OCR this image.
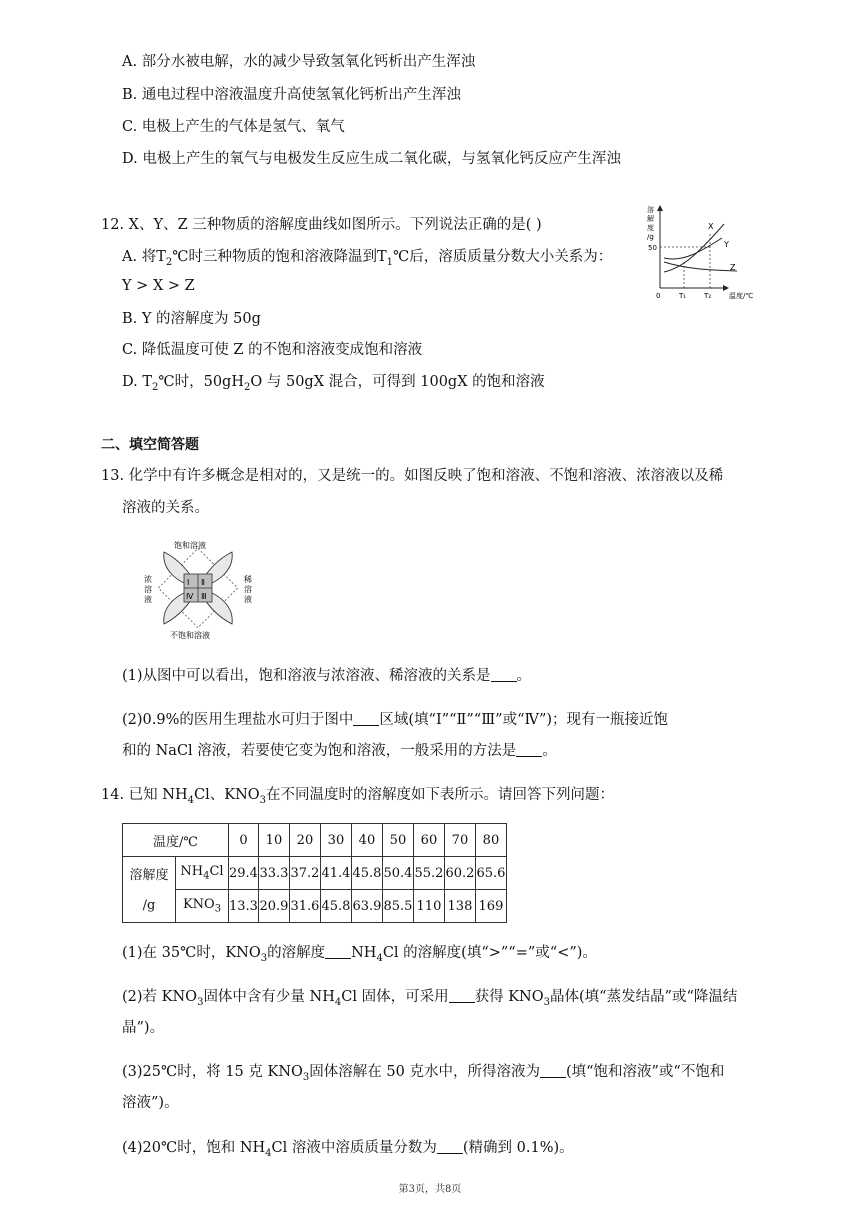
A. 部分水被电解，水的减少导致氢氧化钙析出产生浑浊
B. 通电过程中溶液温度升高使氢氧化钙析出产生浑浊
C. 电极上产生的气体是氢气、氧气
D. 电极上产生的氧气与电极发生反应生成二氧化碳，与氢氧化钙反应产生浑浊
12. X、Y、Z 三种物质的溶解度曲线如图所示。下列说法正确的是( )
A. 将$T_2℃$时三种物质的饱和溶液降温到$T_1℃$后，溶质质量分数大小关系为：
Y > X > Z
B. Y 的溶解度为 50g
C. 降低温度可使 Z 的不饱和溶液变成饱和溶液
D. $T_2℃$时，$50gH_2O$ 与 50gX 混合，可得到 100gX 的饱和溶液
溶
解
度
/g
50
0	T₁	T₂	温度/℃
X
Y
Z
二、填空简答题
13. 化学中有许多概念是相对的，又是统一的。如图反映了饱和溶液、不饱和溶液、浓溶液以及稀
溶液的关系。
Ⅰ Ⅱ
Ⅲ
Ⅳ
饱和溶液
不饱和溶液
浓
溶
液
稀
溶
液
(1)从图中可以看出，饱和溶液与浓溶液、稀溶液的关系是 。
(2)0.9%的医用生理盐水可归于图中 区域(填“Ⅰ”“Ⅱ”“Ⅲ”或“Ⅳ”)；现有一瓶接近饱
和的 NaCl 溶液，若要使它变为饱和溶液，一般采用的方法是 。
14. 已知 $NH_4Cl$、$KNO_3$在不同温度时的溶解度如下表所示。请回答下列问题：
温度/℃		0	10	20	30	40	50	60	70	80
溶解度	$NH_4Cl$	29.4	33.3	37.2	41.4	45.8	50.4	55.2	60.2	65.6
/g	$KNO_3$	13.3	20.9	31.6	45.8	63.9	85.5	110	138	169
(1)在 35℃时，$KNO_3$的溶解度 $NH_4Cl$ 的溶解度(填“>”“=”或“<”)。
(2)若 $KNO_3$固体中含有少量 $NH_4Cl$ 固体，可采用 获得 $KNO_3$晶体(填“蒸发结晶”或“降温结
晶”)。
(3)25℃时，将 15 克 $KNO_3$固体溶解在 50 克水中，所得溶液为 (填“饱和溶液”或“不饱和
溶液”)。
(4)20℃时，饱和 $NH_4Cl$ 溶液中溶质质量分数为 (精确到 0.1%)。
第3页，共8页
